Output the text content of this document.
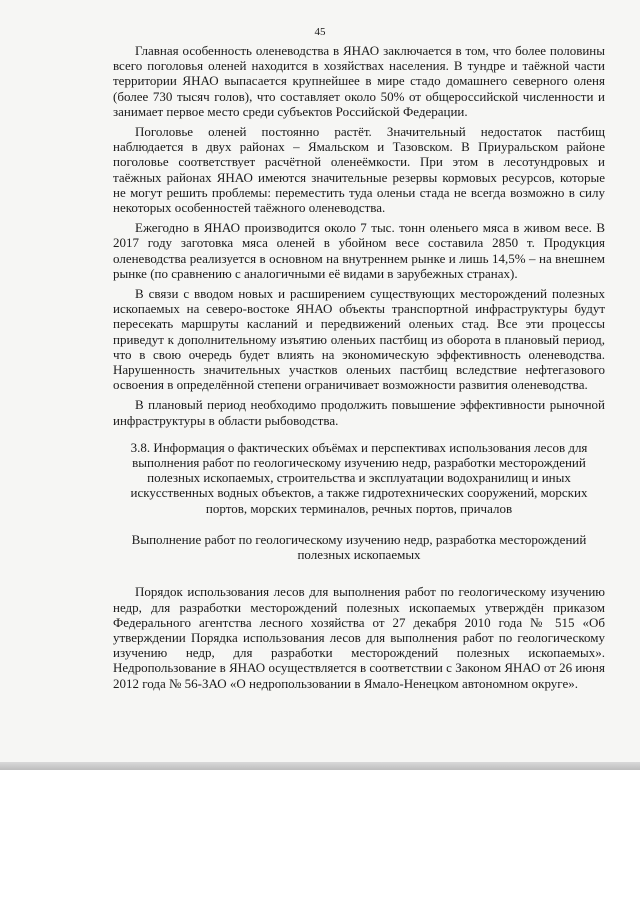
45

Главная особенность оленеводства в ЯНАО заключается в том, что более половины всего поголовья оленей находится в хозяйствах населения. В тундре и таёжной части территории ЯНАО выпасается крупнейшее в мире стадо домашнего северного оленя (более 730 тысяч голов), что составляет около 50% от общероссийской численности и занимает первое место среди субъектов Российской Федерации.

Поголовье оленей постоянно растёт. Значительный недостаток пастбищ наблюдается в двух районах – Ямальском и Тазовском. В Приуральском районе поголовье соответствует расчётной оленеёмкости. При этом в лесотундровых и таёжных районах ЯНАО имеются значительные резервы кормовых ресурсов, которые не могут решить проблемы: переместить туда оленьи стада не всегда возможно в силу некоторых особенностей таёжного оленеводства.

Ежегодно в ЯНАО производится около 7 тыс. тонн оленьего мяса в живом весе. В 2017 году заготовка мяса оленей в убойном весе составила 2850 т. Продукция оленеводства реализуется в основном на внутреннем рынке и лишь 14,5% – на внешнем рынке (по сравнению с аналогичными её видами в зарубежных странах).

В связи с вводом новых и расширением существующих месторождений полезных ископаемых на северо-востоке ЯНАО объекты транспортной инфраструктуры будут пересекать маршруты касланий и передвижений оленьих стад. Все эти процессы приведут к дополнительному изъятию оленьих пастбищ из оборота в плановый период, что в свою очередь будет влиять на экономическую эффективность оленеводства. Нарушенность значительных участков оленьих пастбищ вследствие нефтегазового освоения в определённой степени ограничивает возможности развития оленеводства.

В плановый период необходимо продолжить повышение эффективности рыночной инфраструктуры в области рыбоводства.

3.8. Информация о фактических объёмах и перспективах использования лесов для выполнения работ по геологическому изучению недр, разработки месторождений полезных ископаемых, строительства и эксплуатации водохранилищ и иных искусственных водных объектов, а также гидротехнических сооружений, морских портов, морских терминалов, речных портов, причалов
Выполнение работ по геологическому изучению недр, разработка месторождений полезных ископаемых

Порядок использования лесов для выполнения работ по геологическому изучению недр, для разработки месторождений полезных ископаемых утверждён приказом Федерального агентства лесного хозяйства от 27 декабря 2010 года № 515 «Об утверждении Порядка использования лесов для выполнения работ по геологическому изучению недр, для разработки месторождений полезных ископаемых». Недропользование в ЯНАО осуществляется в соответствии с Законом ЯНАО от 26 июня 2012 года № 56-ЗАО «О недропользовании в Ямало-Ненецком автономном округе».
